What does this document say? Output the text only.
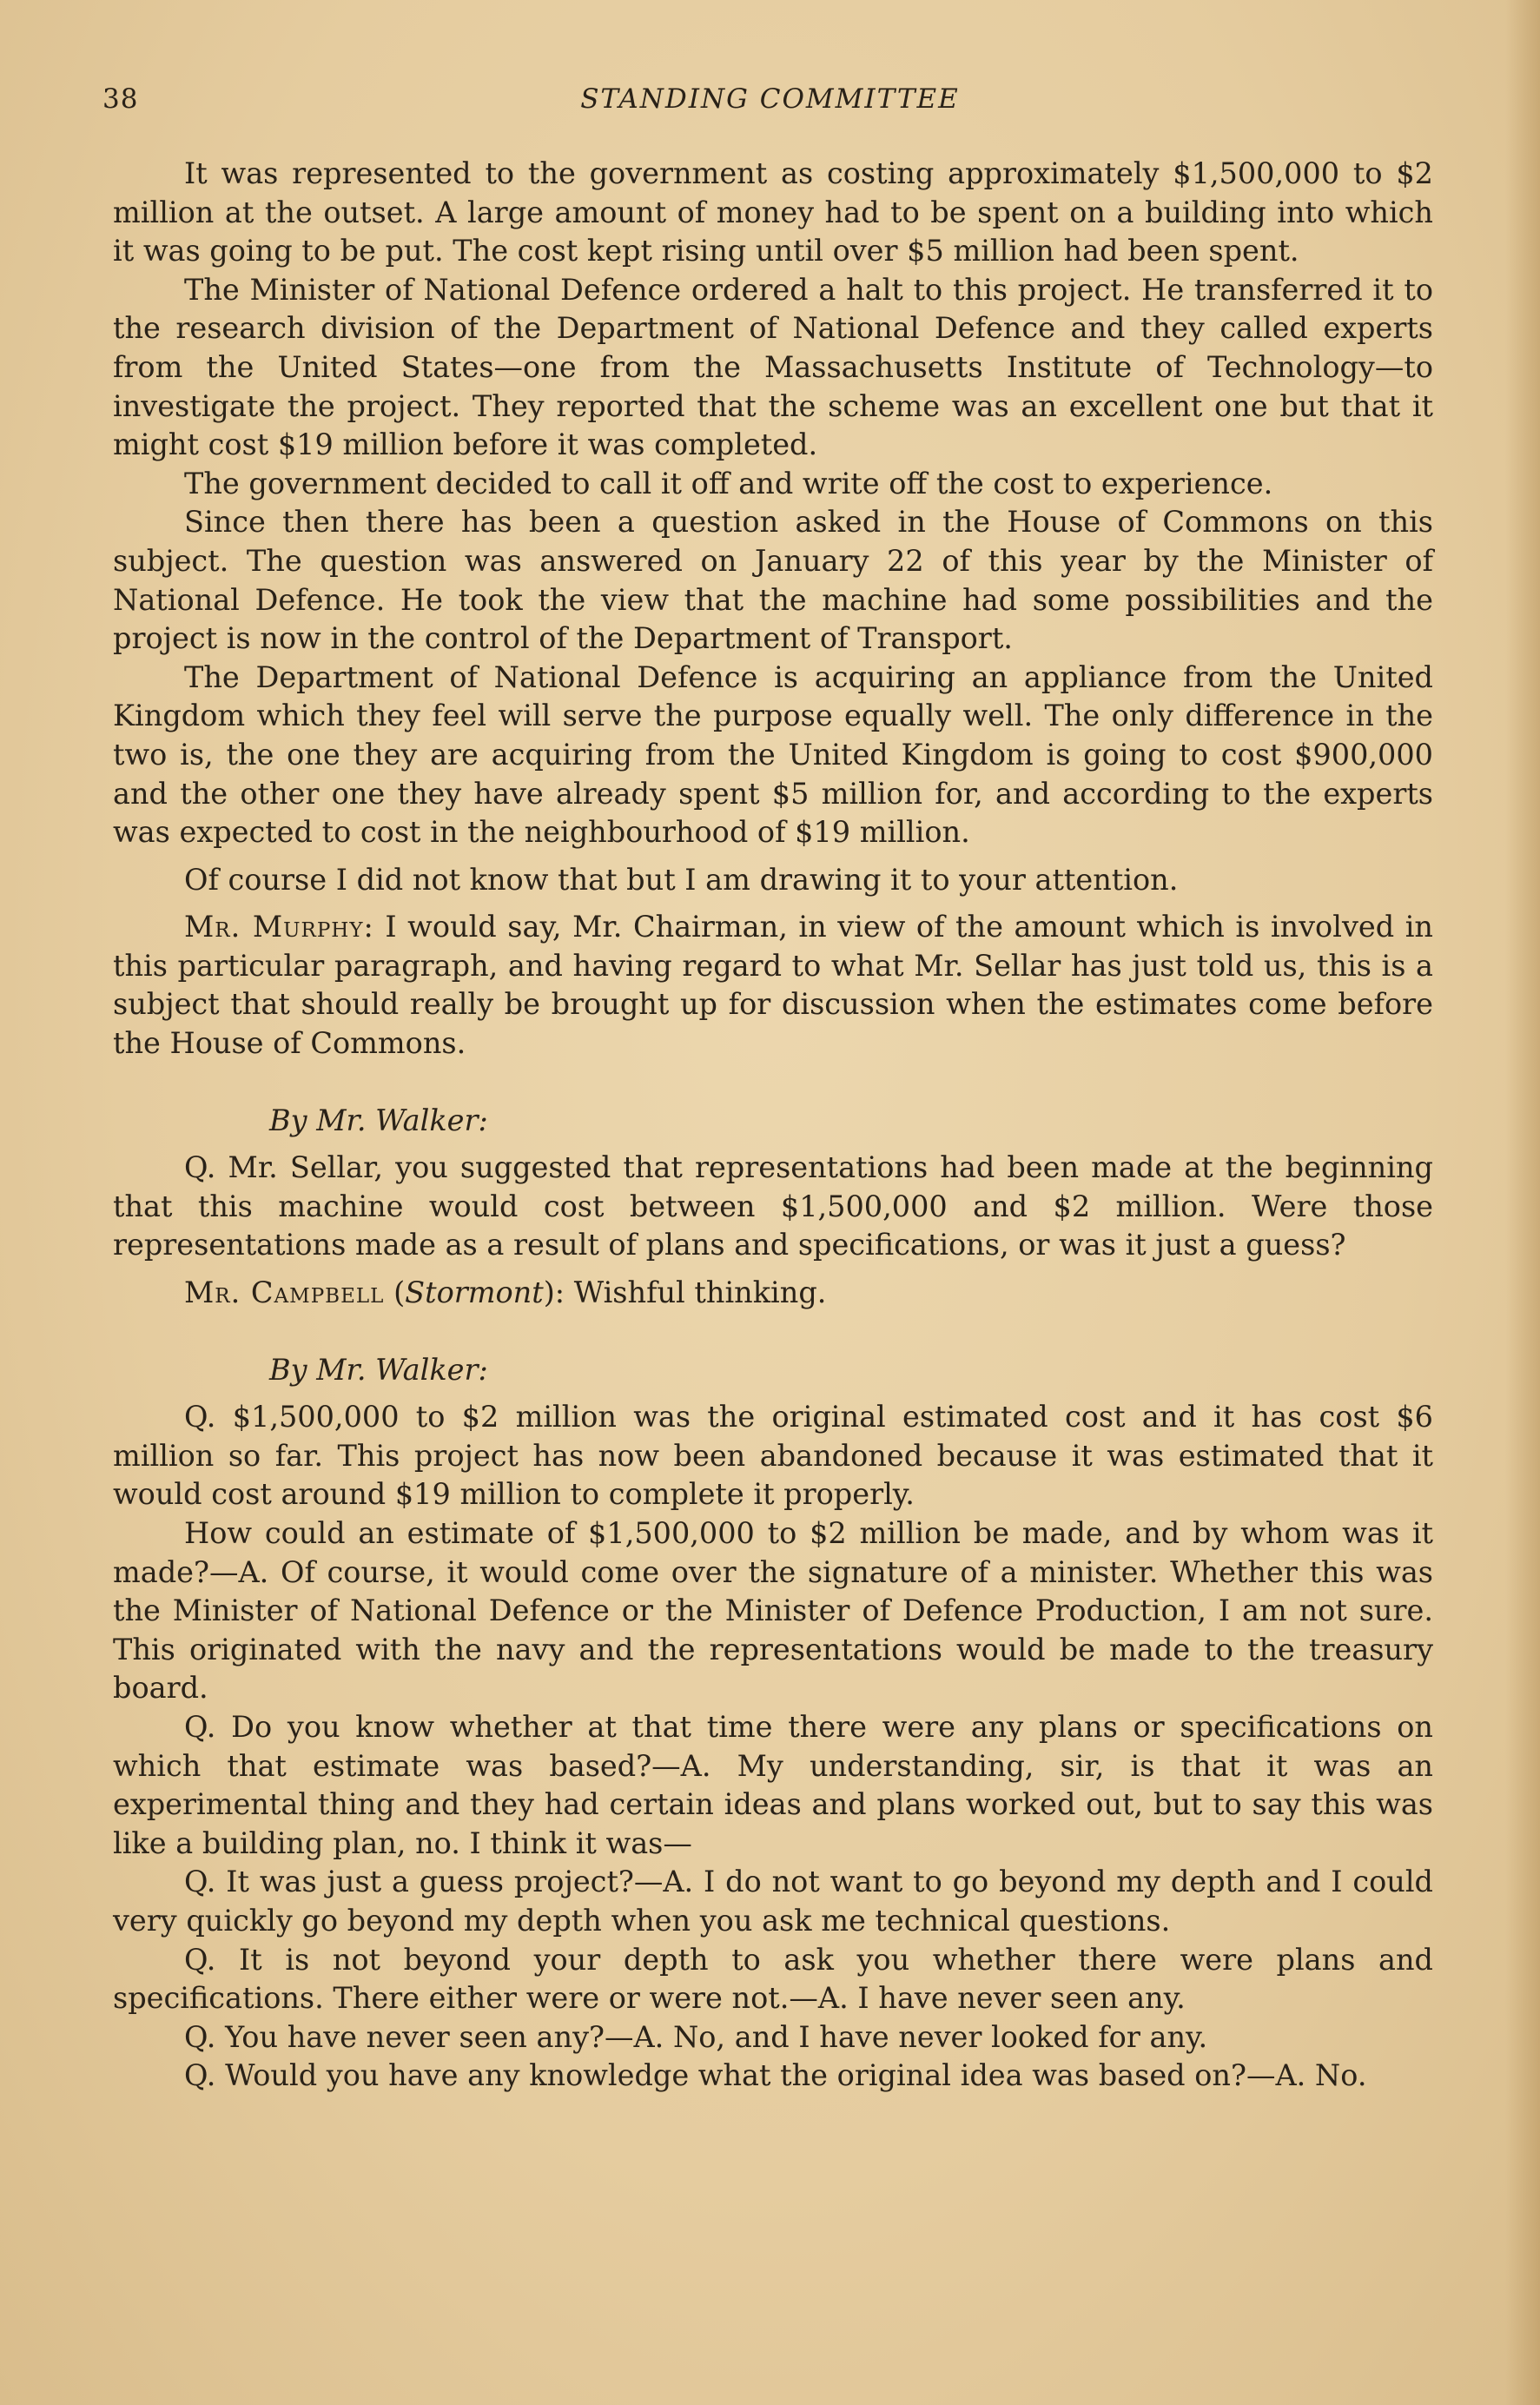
38	STANDING COMMITTEE

It was represented to the government as costing approximately $1,500,000 to $2 million at the outset. A large amount of money had to be spent on a building into which it was going to be put. The cost kept rising until over $5 million had been spent.

The Minister of National Defence ordered a halt to this project. He transferred it to the research division of the Department of National Defence and they called experts from the United States—one from the Massachusetts Institute of Technology—to investigate the project. They reported that the scheme was an excellent one but that it might cost $19 million before it was completed.

The government decided to call it off and write off the cost to experience.

Since then there has been a question asked in the House of Commons on this subject. The question was answered on January 22 of this year by the Minister of National Defence. He took the view that the machine had some possibilities and the project is now in the control of the Department of Transport.

The Department of National Defence is acquiring an appliance from the United Kingdom which they feel will serve the purpose equally well. The only difference in the two is, the one they are acquiring from the United Kingdom is going to cost $900,000 and the other one they have already spent $5 million for, and according to the experts was expected to cost in the neighbourhood of $19 million.

Of course I did not know that but I am drawing it to your attention.

Mr. Murphy: I would say, Mr. Chairman, in view of the amount which is involved in this particular paragraph, and having regard to what Mr. Sellar has just told us, this is a subject that should really be brought up for discussion when the estimates come before the House of Commons.

By Mr. Walker:

Q. Mr. Sellar, you suggested that representations had been made at the beginning that this machine would cost between $1,500,000 and $2 million. Were those representations made as a result of plans and specifications, or was it just a guess?

Mr. Campbell (Stormont): Wishful thinking.

By Mr. Walker:

Q. $1,500,000 to $2 million was the original estimated cost and it has cost $6 million so far. This project has now been abandoned because it was estimated that it would cost around $19 million to complete it properly.

How could an estimate of $1,500,000 to $2 million be made, and by whom was it made?—A. Of course, it would come over the signature of a minister. Whether this was the Minister of National Defence or the Minister of Defence Production, I am not sure. This originated with the navy and the representations would be made to the treasury board.

Q. Do you know whether at that time there were any plans or specifications on which that estimate was based?—A. My understanding, sir, is that it was an experimental thing and they had certain ideas and plans worked out, but to say this was like a building plan, no. I think it was—

Q. It was just a guess project?—A. I do not want to go beyond my depth and I could very quickly go beyond my depth when you ask me technical questions.

Q. It is not beyond your depth to ask you whether there were plans and specifications. There either were or were not.—A. I have never seen any.

Q. You have never seen any?—A. No, and I have never looked for any.

Q. Would you have any knowledge what the original idea was based on?—A. No.
